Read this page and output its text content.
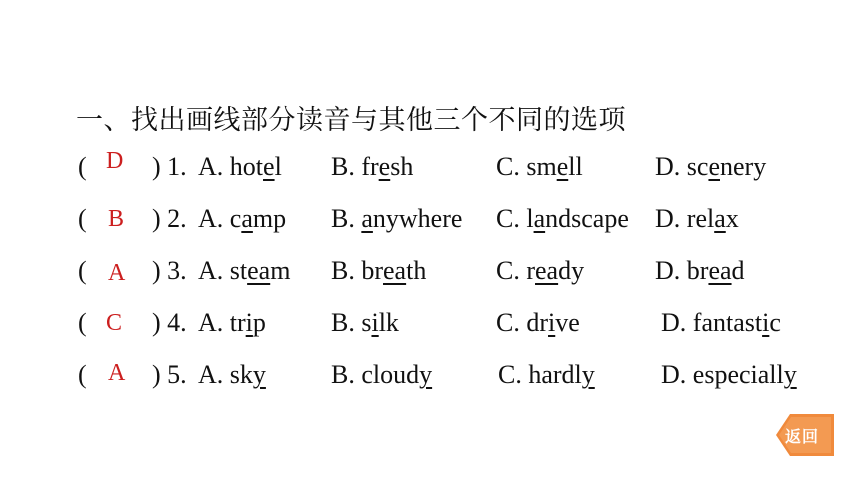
一、找出画线部分读音与其他三个不同的选项
( D ) 1. A. hotel B. fresh	C. smell	D. scenery
( B ) 2. A. camp B. anywhere C. landscape D. relax
( A ) 3. A. steam B. breath	C. ready	D. bread
( C ) 4. A. trip	B. silk	C. drive	D. fantastic
( A ) 5. A. sky	B. cloudy	C. hardly	D. especially
返回
